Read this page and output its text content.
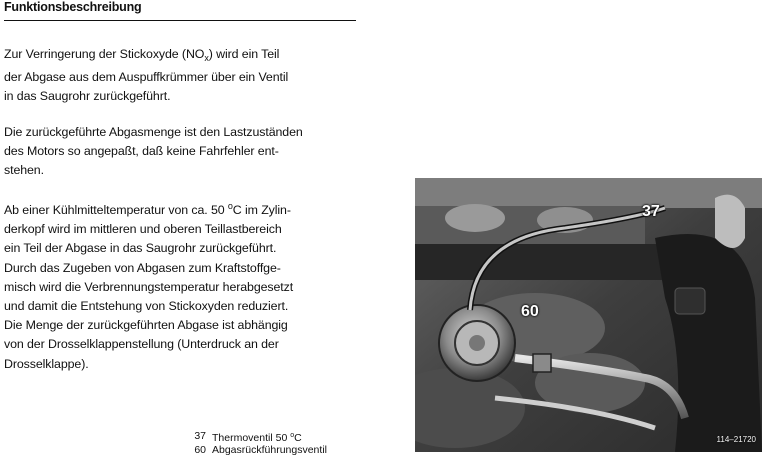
Funktionsbeschreibung
Zur Verringerung der Stickoxyde $(NO_x)$ wird ein Teil
der Abgase aus dem Auspuffkrümmer über ein Ventil
in das Saugrohr zurückgeführt.
Die zurückgeführte Abgasmenge ist den Lastzuständen
des Motors so angepaßt, daß keine Fahrfehler ent-
stehen.
Ab einer Kühlmitteltemperatur von ca. 50 $^o$C im Zylin-
derkopf wird im mittleren und oberen Teillastbereich
ein Teil der Abgase in das Saugrohr zurückgeführt.
Durch das Zugeben von Abgasen zum Kraftstoffge-
misch wird die Verbrennungstemperatur herabgesetzt
und damit die Entstehung von Stickoxyden reduziert.
Die Menge der zurückgeführten Abgase ist abhängig
von der Drosselklappenstellung (Unterdruck an der
Drosselklappe).
37 Thermoventil 50 $^o$C
60 Abgasrückführungsventil
37
60
114–21720
